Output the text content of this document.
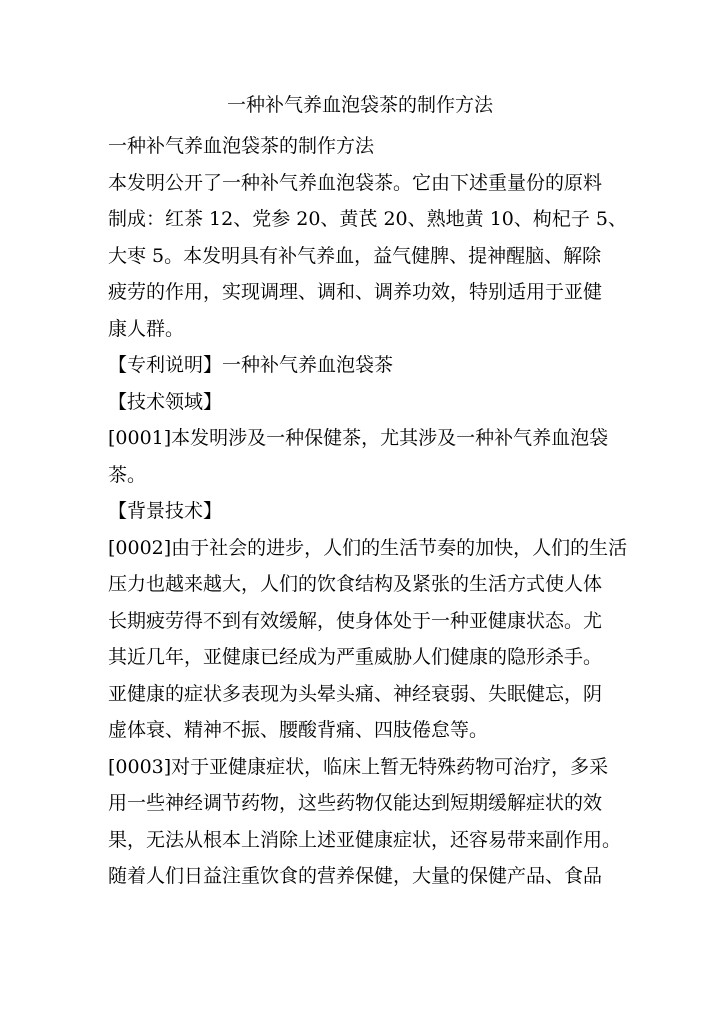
一种补气养血泡袋茶的制作方法
一种补气养血泡袋茶的制作方法
本发明公开了一种补气养血泡袋茶。它由下述重量份的原料
制成：红茶 12、党参 20、黄芪 20、熟地黄 10、枸杞子 5、
大枣 5。本发明具有补气养血，益气健脾、提神醒脑、解除
疲劳的作用，实现调理、调和、调养功效，特别适用于亚健
康人群。
【专利说明】一种补气养血泡袋茶
【技术领域】
[0001]本发明涉及一种保健茶，尤其涉及一种补气养血泡袋
茶。
【背景技术】
[0002]由于社会的进步，人们的生活节奏的加快，人们的生活
压力也越来越大，人们的饮食结构及紧张的生活方式使人体
长期疲劳得不到有效缓解，使身体处于一种亚健康状态。尤
其近几年，亚健康已经成为严重威胁人们健康的隐形杀手。
亚健康的症状多表现为头晕头痛、神经衰弱、失眠健忘，阴
虚体衰、精神不振、腰酸背痛、四肢倦怠等。
[0003]对于亚健康症状，临床上暂无特殊药物可治疗，多采
用一些神经调节药物，这些药物仅能达到短期缓解症状的效
果，无法从根本上消除上述亚健康症状，还容易带来副作用。
随着人们日益注重饮食的营养保健，大量的保健产品、食品
